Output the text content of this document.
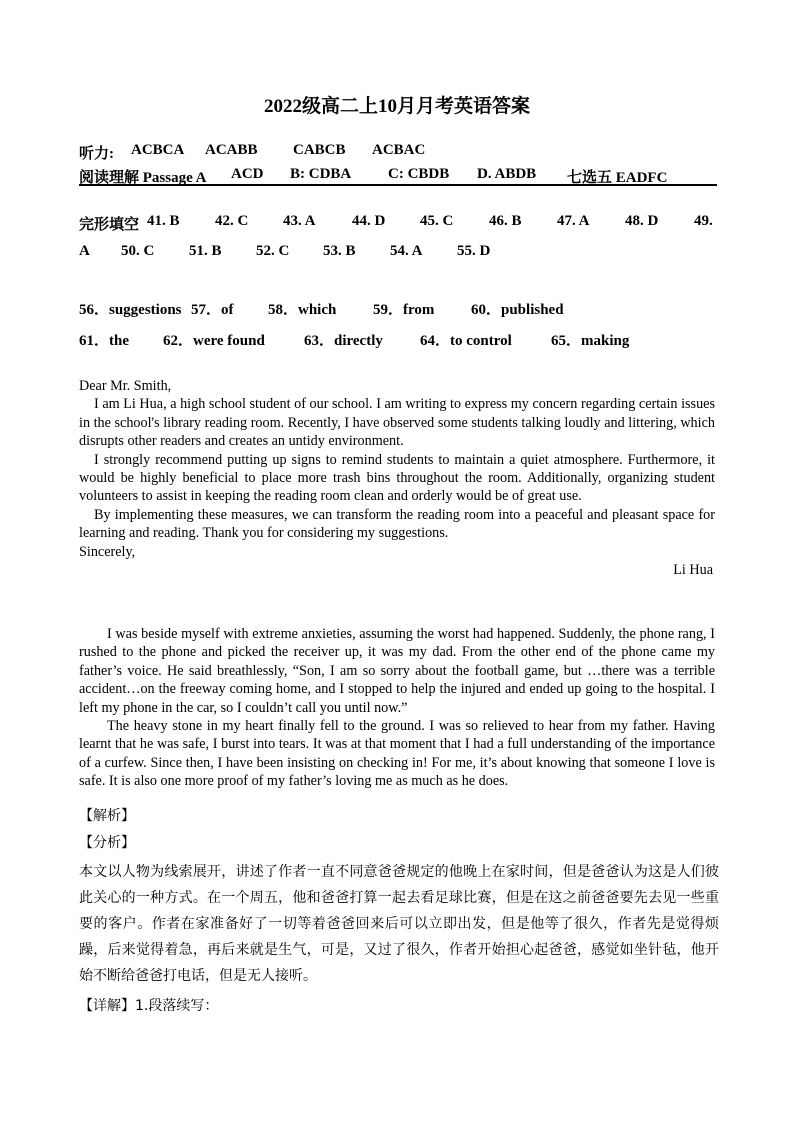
2022级高二上10月月考英语答案
听力: ACBCA ACABB CABCB ACBAC
阅读理解 Passage A ACD B: CDBA C: CBDB D. ABDB 七选五 EADFC
完形填空 41. B 42. C 43. A 44. D 45. C 46. B 47. A 48. D 49.
A 50. C 51. B 52. C 53. B 54. A 55. D
56．suggestions 57．of 58．which 59．from 60．published
61．the 62．were found	63．directly 64．to control	65．making

Dear Mr. Smith,

I am Li Hua, a high school student of our school. I am writing to express my concern regarding certain issues in the school's library reading room. Recently, I have observed some students talking loudly and littering, which disrupts other readers and creates an untidy environment.

I strongly recommend putting up signs to remind students to maintain a quiet atmosphere. Furthermore, it would be highly beneficial to place more trash bins throughout the room. Additionally, organizing student volunteers to assist in keeping the reading room clean and orderly would be of great use.

By implementing these measures, we can transform the reading room into a peaceful and pleasant space for learning and reading. Thank you for considering my suggestions.

Sincerely,

Li Hua

I was beside myself with extreme anxieties, assuming the worst had happened. Suddenly, the phone rang, I rushed to the phone and picked the receiver up, it was my dad. From the other end of the phone came my father’s voice. He said breathlessly, “Son, I am so sorry about the football game, but …there was a terrible accident…on the freeway coming home, and I stopped to help the injured and ended up going to the hospital. I left my phone in the car, so I couldn’t call you until now.”

The heavy stone in my heart finally fell to the ground. I was so relieved to hear from my father. Having learnt that he was safe, I burst into tears. It was at that moment that I had a full understanding of the importance of a curfew. Since then, I have been insisting on checking in! For me, it’s about knowing that someone I love is safe. It is also one more proof of my father’s loving me as much as he does.

【解析】
【分析】
本文以人物为线索展开，讲述了作者一直不同意爸爸规定的他晚上在家时间，但是爸爸认为这是人们彼此关心的一种方式。在一个周五，他和爸爸打算一起去看足球比赛，但是在这之前爸爸要先去见一些重要的客户。作者在家准备好了一切等着爸爸回来后可以立即出发，但是他等了很久，作者先是觉得烦躁，后来觉得着急，再后来就是生气，可是，又过了很久，作者开始担心起爸爸，感觉如坐针毡，他开始不断给爸爸打电话，但是无人接听。
【详解】1.段落续写：
